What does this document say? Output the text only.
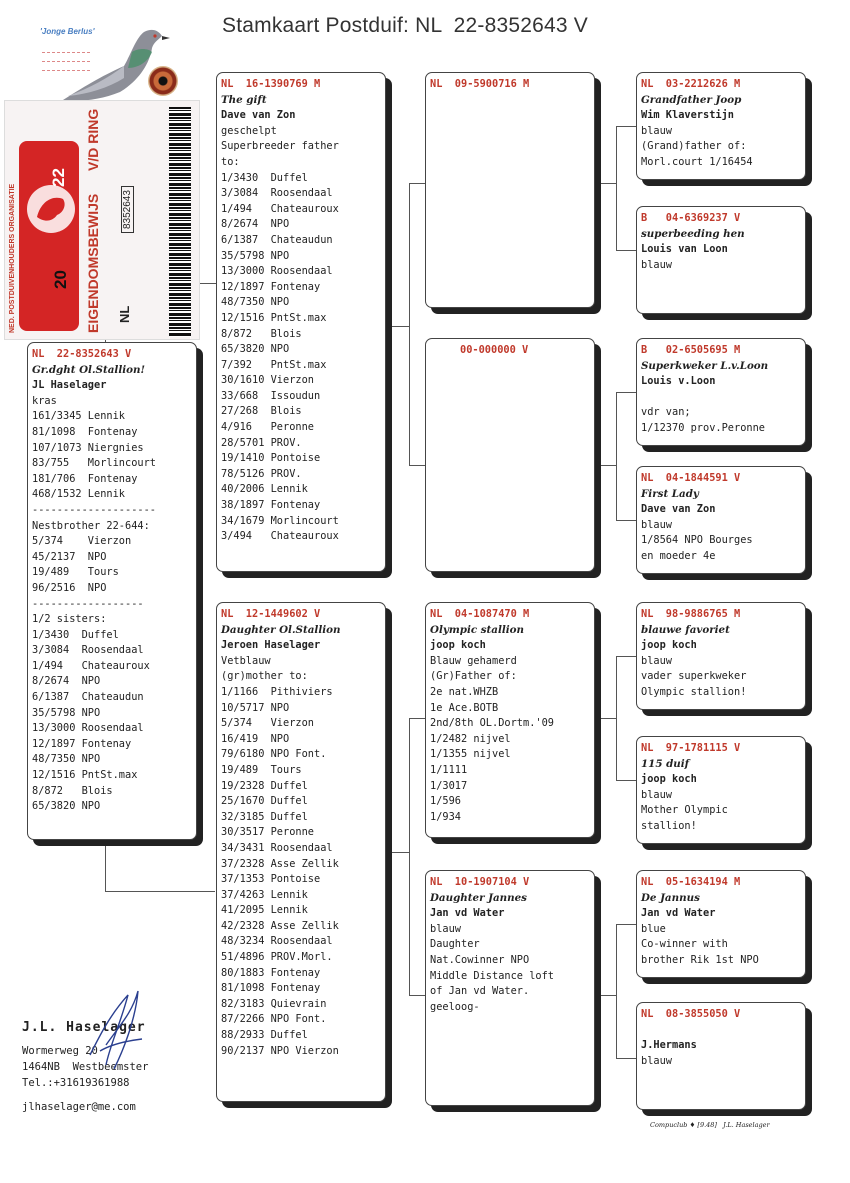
Stamkaart Postduif: NL  22-8352643 V
'Jonge Berlus'
NED. POSTDUIVENHOUDERS ORGANISATIE	EIGENDOMSBEWIJS
V/D RING
22
20
NL
8352643
NL  22-8352643 V
Gr.dght Ol.Stallion!
JL Haselager
kras
161/3345 Lennik
81/1098  Fontenay
107/1073 Niergnies
83/755   Morlincourt
181/706  Fontenay
468/1532 Lennik
--------------------
Nestbrother 22-644:
5/374    Vierzon
45/2137  NPO
19/489   Tours
96/2516  NPO
------------------
1/2 sisters:
1/3430  Duffel
3/3084  Roosendaal
1/494   Chateauroux
8/2674  NPO
6/1387  Chateaudun
35/5798 NPO
13/3000 Roosendaal
12/1897 Fontenay
48/7350 NPO
12/1516 PntSt.max
8/872   Blois
65/3820 NPO
NL  16-1390769 M
The gift
Dave van Zon
geschelpt
Superbreeder father
to:
1/3430  Duffel
3/3084  Roosendaal
1/494   Chateauroux
8/2674  NPO
6/1387  Chateaudun
35/5798 NPO
13/3000 Roosendaal
12/1897 Fontenay
48/7350 NPO
12/1516 PntSt.max
8/872   Blois
65/3820 NPO
7/392   PntSt.max
30/1610 Vierzon
33/668  Issoudun
27/268  Blois
4/916   Peronne
28/5701 PROV.
19/1410 Pontoise
78/5126 PROV.
40/2006 Lennik
38/1897 Fontenay
34/1679 Morlincourt
3/494   Chateauroux
NL  12-1449602 V
Daughter Ol.Stallion
Jeroen Haselager
Vetblauw
(gr)mother to:
1/1166  Pithiviers
10/5717 NPO
5/374   Vierzon
16/419  NPO
79/6180 NPO Font.
19/489  Tours
19/2328 Duffel
25/1670 Duffel
32/3185 Duffel
30/3517 Peronne
34/3431 Roosendaal
37/2328 Asse Zellik
37/1353 Pontoise
37/4263 Lennik
41/2095 Lennik
42/2328 Asse Zellik
48/3234 Roosendaal
51/4896 PROV.Morl.
80/1883 Fontenay
81/1098 Fontenay
82/3183 Quievrain
87/2266 NPO Font.
88/2933 Duffel
90/2137 NPO Vierzon
NL  09-5900716 M
00-000000 V
NL  04-1087470 M
Olympic stallion
joop koch
Blauw gehamerd
(Gr)Father of:
2e nat.WHZB
1e Ace.BOTB
2nd/8th OL.Dortm.'09
1/2482 nijvel
1/1355 nijvel
1/1111
1/3017
1/596
1/934
NL  10-1907104 V
Daughter Jannes
Jan vd Water
blauw
Daughter
Nat.Cowinner NPO
Middle Distance loft
of Jan vd Water.
geeloog-
NL  03-2212626 M
Grandfather Joop
Wim Klaverstijn
blauw
(Grand)father of:
Morl.court 1/16454
B   04-6369237 V
superbeeding hen
Louis van Loon
blauw
B   02-6505695 M
Superkweker L.v.Loon
Louis v.Loon

vdr van;
1/12370 prov.Peronne
NL  04-1844591 V
First Lady
Dave van Zon
blauw
1/8564 NPO Bourges
en moeder 4e
NL  98-9886765 M
blauwe favoriet
joop koch
blauw
vader superkweker
Olympic stallion!
NL  97-1781115 V
115 duif
joop koch
blauw
Mother Olympic
stallion!
NL  05-1634194 M
De Jannus
Jan vd Water
blue
Co-winner with
brother Rik 1st NPO
NL  08-3855050 V
J.Hermans
blauw
J.L. Haselager
Wormerweg 20
1464NB  Westbeemster
Tel.:+31619361988
jlhaselager@me.com
Compuclub ♦ [9.48]   J.L. Haselager
